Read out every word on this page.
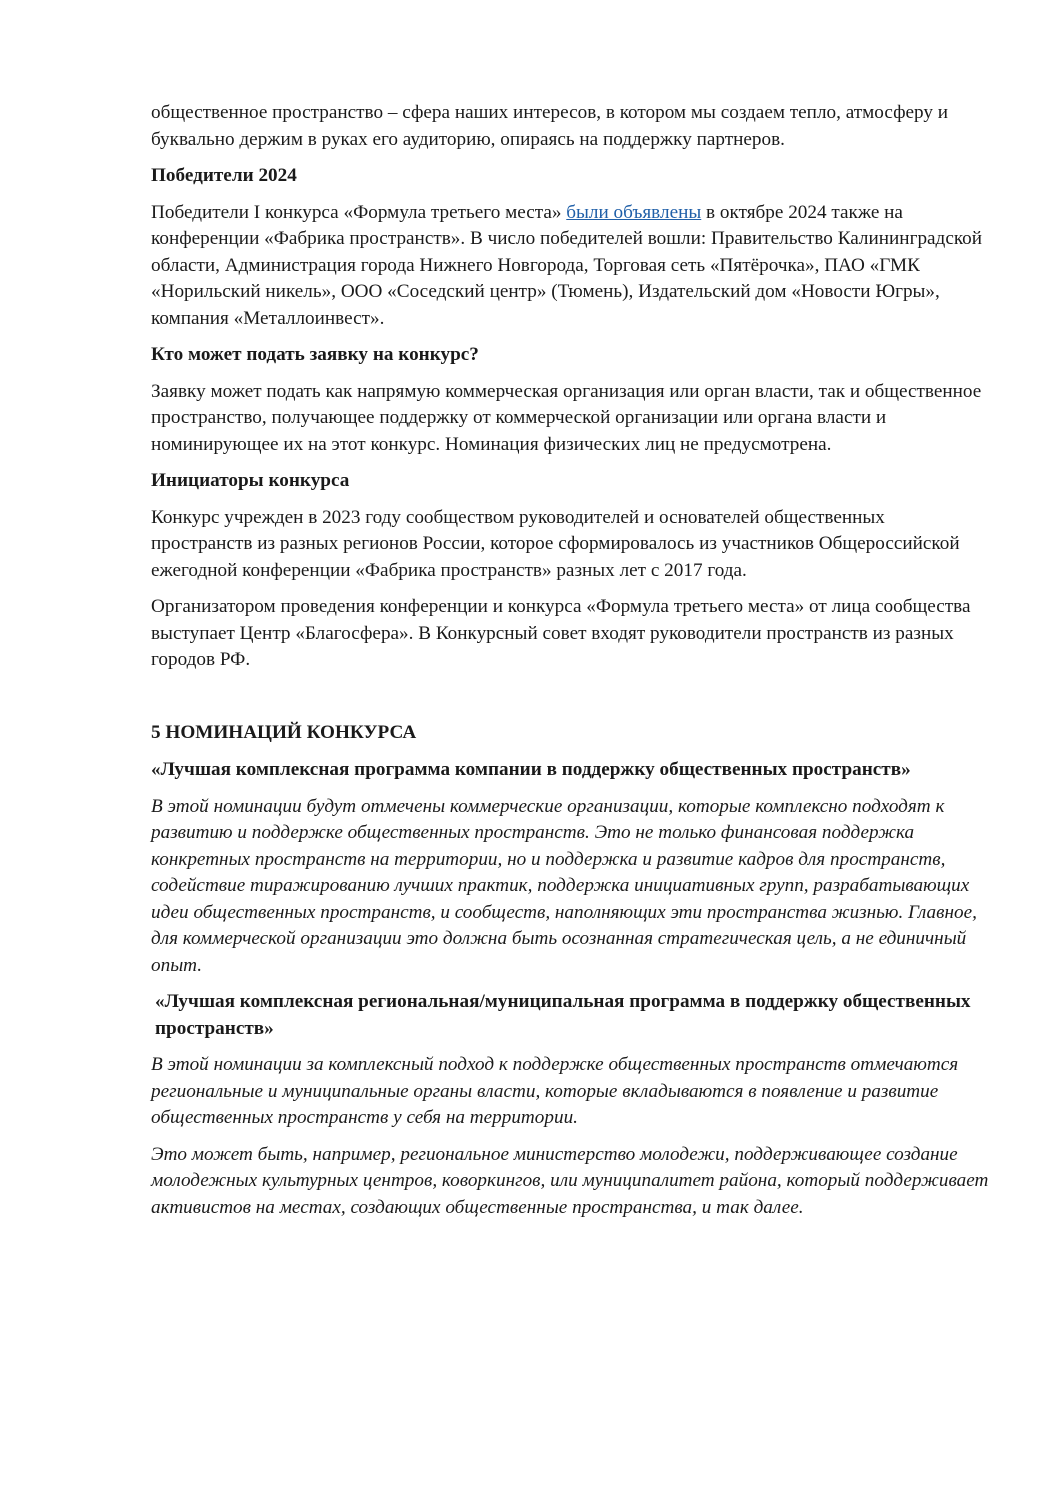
общественное пространство – сфера наших интересов, в котором мы создаем тепло, атмосферу и буквально держим в руках его аудиторию, опираясь на поддержку партнеров.

Победители 2024

Победители I конкурса «Формула третьего места» были объявлены в октябре 2024 также на конференции «Фабрика пространств». В число победителей вошли: Правительство Калининградской области, Администрация города Нижнего Новгорода, Торговая сеть «Пятёрочка», ПАО «ГМК «Норильский никель», ООО «Соседский центр» (Тюмень), Издательский дом «Новости Югры», компания «Металлоинвест».

Кто может подать заявку на конкурс?

Заявку может подать как напрямую коммерческая организация или орган власти, так и общественное пространство, получающее поддержку от коммерческой организации или органа власти и номинирующее их на этот конкурс. Номинация физических лиц не предусмотрена.

Инициаторы конкурса

Конкурс учрежден в 2023 году сообществом руководителей и основателей общественных пространств из разных регионов России, которое сформировалось из участников Общероссийской ежегодной конференции «Фабрика пространств» разных лет с 2017 года.

Организатором проведения конференции и конкурса «Формула третьего места» от лица сообщества выступает Центр «Благосфера». В Конкурсный совет входят руководители пространств из разных городов РФ.

5 НОМИНАЦИЙ КОНКУРСА

«Лучшая комплексная программа компании в поддержку общественных пространств»

В этой номинации будут отмечены коммерческие организации, которые комплексно подходят к развитию и поддержке общественных пространств. Это не только финансовая поддержка конкретных пространств на территории, но и поддержка и развитие кадров для пространств, содействие тиражированию лучших практик, поддержка инициативных групп, разрабатывающих идеи общественных пространств, и сообществ, наполняющих эти пространства жизнью. Главное, для коммерческой организации это должна быть осознанная стратегическая цель, а не единичный опыт.

«Лучшая комплексная региональная/муниципальная программа в поддержку общественных пространств»

В этой номинации за комплексный подход к поддержке общественных пространств отмечаются региональные и муниципальные органы власти, которые вкладываются в появление и развитие общественных пространств у себя на территории.

Это может быть, например, региональное министерство молодежи, поддерживающее создание молодежных культурных центров, коворкингов, или муниципалитет района, который поддерживает активистов на местах, создающих общественные пространства, и так далее.
